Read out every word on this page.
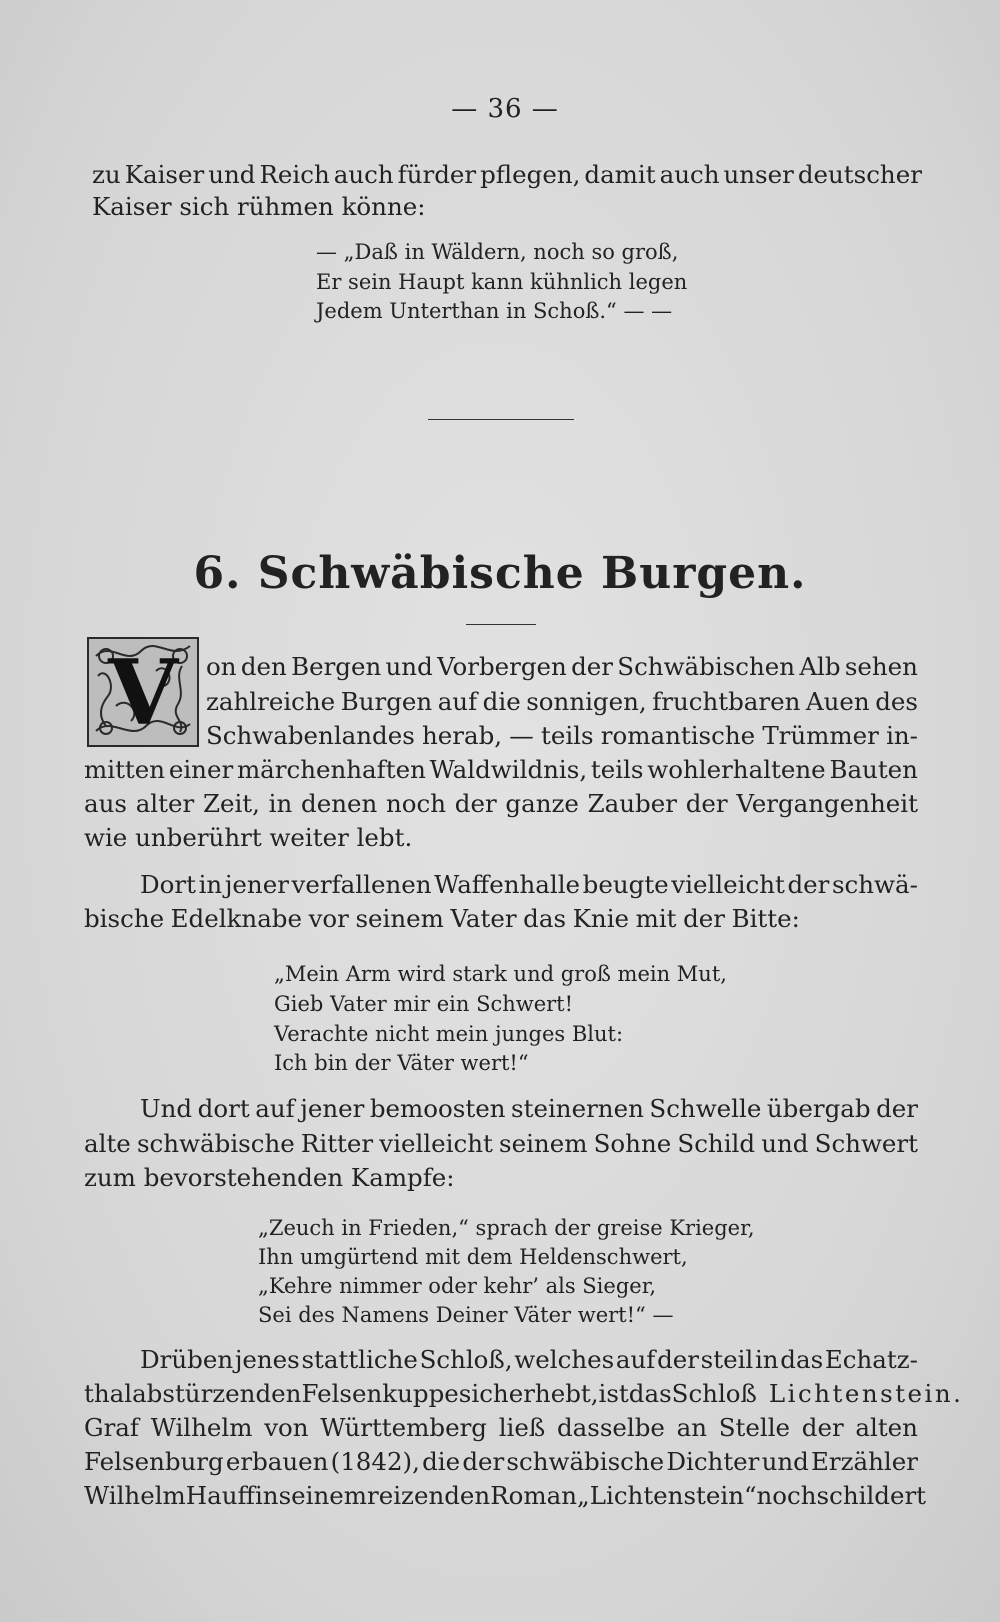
— 36 —
zu Kaiser und Reich auch fürder pflegen, damit auch unser deutscher
Kaiser sich rühmen könne:
— „Daß in Wäldern, noch so groß,
Er sein Haupt kann kühnlich legen
Jedem Unterthan in Schoß.“ — —
6. Schwäbische Burgen.
V on den Bergen und Vorbergen der Schwäbischen Alb sehen
zahlreiche Burgen auf die sonnigen, fruchtbaren Auen des
Schwabenlandes herab, — teils romantische Trümmer in-
mitten einer märchenhaften Waldwildnis, teils wohlerhaltene Bauten
aus alter Zeit, in denen noch der ganze Zauber der Vergangenheit
wie unberührt weiter lebt.
Dort in jener verfallenen Waffenhalle beugte vielleicht der schwä-
bische Edelknabe vor seinem Vater das Knie mit der Bitte:
„Mein Arm wird stark und groß mein Mut,
Gieb Vater mir ein Schwert!
Verachte nicht mein junges Blut:
Ich bin der Väter wert!“
Und dort auf jener bemoosten steinernen Schwelle übergab der
alte schwäbische Ritter vielleicht seinem Sohne Schild und Schwert
zum bevorstehenden Kampfe:
„Zeuch in Frieden,“ sprach der greise Krieger,
Ihn umgürtend mit dem Heldenschwert,
„Kehre nimmer oder kehr’ als Sieger,
Sei des Namens Deiner Väter wert!“ —
Drüben jenes stattliche Schloß, welches auf der steil in das Echatz-
thal abstürzenden Felsenkuppe sich erhebt, ist das Schloß Lichtenstein.
Graf Wilhelm von Württemberg ließ dasselbe an Stelle der alten
Felsenburg erbauen (1842), die der schwäbische Dichter und Erzähler
Wilhelm Hauff in seinem reizenden Roman „Lichtenstein“ noch schildert
